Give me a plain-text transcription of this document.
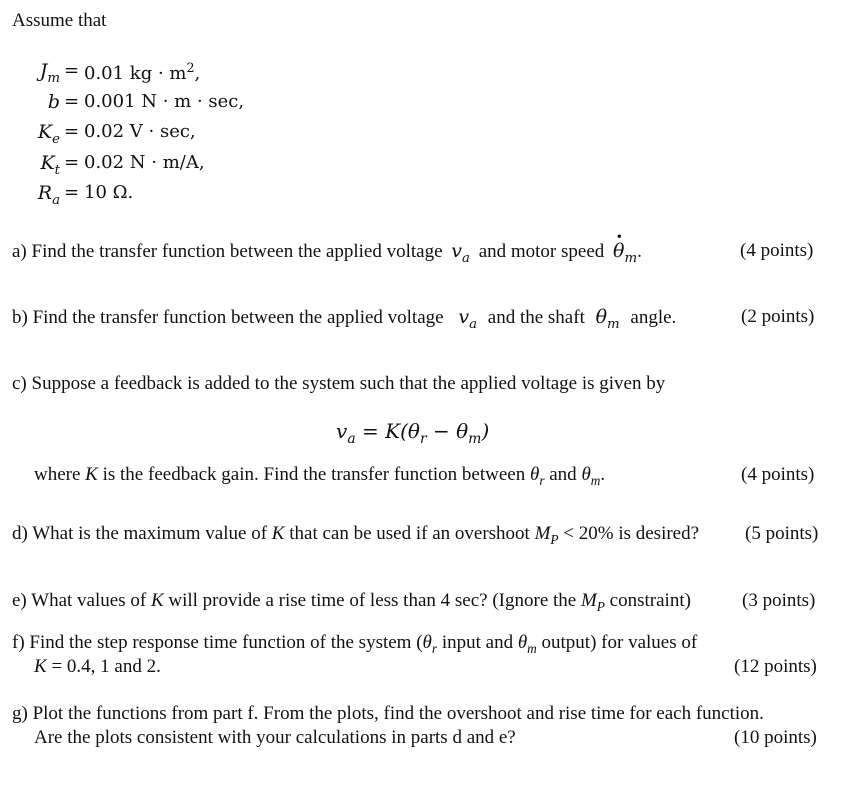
Assume that
$J_m = 0.01$ kg · $m^2$,
b = 0.001 N · m · sec,
$K_e = 0.02$ V · sec,
$K_t = 0.02$ N · m/A,
$R_a = 10$ Ω.
a) Find the transfer function between the applied voltage $v_a$ and motor speed · $\theta_m$.	(4 points)
b) Find the transfer function between the applied voltage $v_a$ and the shaft $\theta_m$ angle.	(2 points)
c) Suppose a feedback is added to the system such that the applied voltage is given by
$v_a = K(\theta_r - \theta_m)$
where K is the feedback gain. Find the transfer function between $\theta_r$ and $\theta_m$.	(4 points)
d) What is the maximum value of K that can be used if an overshoot $M_P < 20\%$ is desired? (5 points)
e) What values of K will provide a rise time of less than 4 sec? (Ignore the $M_P$ constraint)	(3 points)
f) Find the step response time function of the system ($\theta_r$ input and $\theta_m$ output) for values of
K = 0.4, 1 and 2.	(12 points)
g) Plot the functions from part f. From the plots, find the overshoot and rise time for each function.
Are the plots consistent with your calculations in parts d and e?	(10 points)
